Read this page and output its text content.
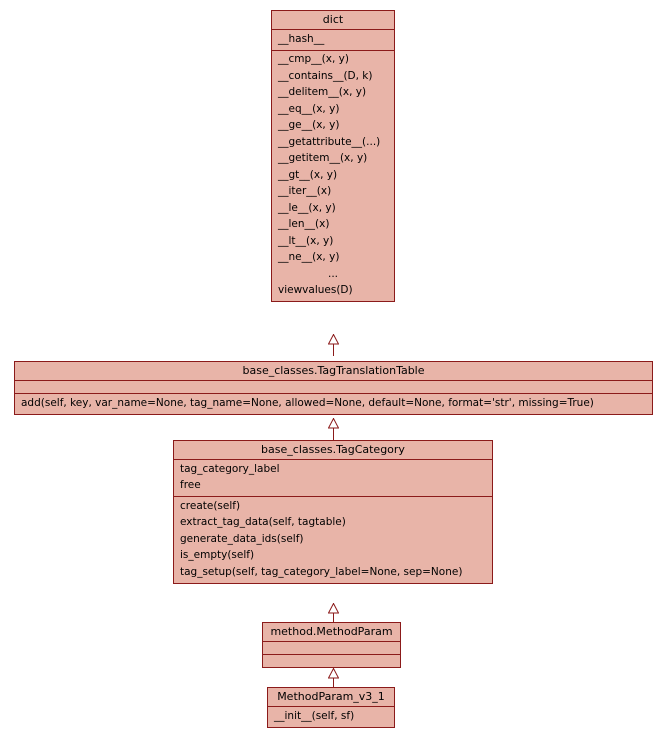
dict
__hash__
__cmp__(x, y)
__contains__(D, k)
__delitem__(x, y)
__eq__(x, y)
__ge__(x, y)
__getattribute__(...)
__getitem__(x, y)
__gt__(x, y)
__iter__(x)
__le__(x, y)
__len__(x)
__lt__(x, y)
__ne__(x, y)
...
viewvalues(D)
base_classes.TagTranslationTable
add(self, key, var_name=None, tag_name=None, allowed=None, default=None, format='str', missing=True)
base_classes.TagCategory
tag_category_label
free
create(self)
extract_tag_data(self, tagtable)
generate_data_ids(self)
is_empty(self)
tag_setup(self, tag_category_label=None, sep=None)
method.MethodParam
MethodParam_v3_1
__init__(self, sf)
